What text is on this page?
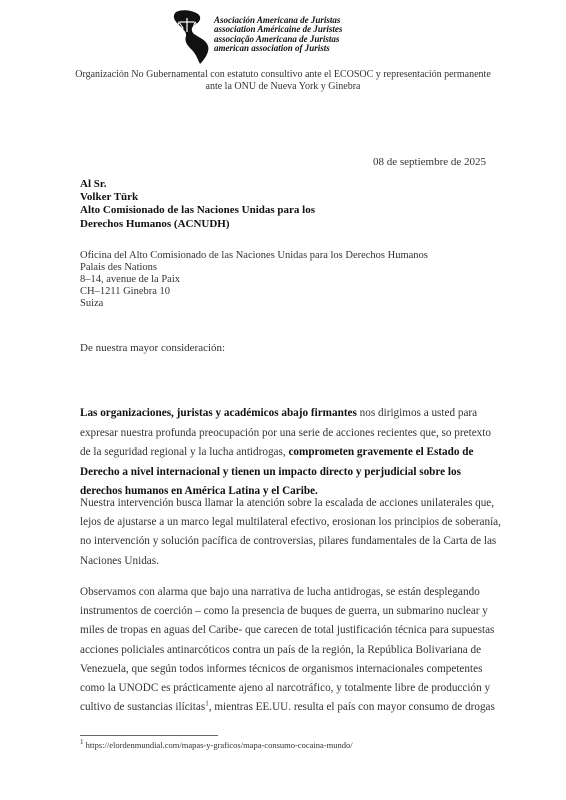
Asociación Americana de Juristas
association Américaine de Juristes
associação Americana de Juristas
american association of Jurists
Organización No Gubernamental con estatuto consultivo ante el ECOSOC y representación permanente
ante la ONU de Nueva York y Ginebra
08 de septiembre de 2025
Al Sr.
Volker Türk
Alto Comisionado de las Naciones Unidas para los
Derechos Humanos (ACNUDH)
Oficina del Alto Comisionado de las Naciones Unidas para los Derechos Humanos
Palais des Nations
8–14, avenue de la Paix
CH–1211 Ginebra 10
Suiza
De nuestra mayor consideración:
Las organizaciones, juristas y académicos abajo firmantes nos dirigimos a usted para
expresar nuestra profunda preocupación por una serie de acciones recientes que, so pretexto
de la seguridad regional y la lucha antidrogas, comprometen gravemente el Estado de
Derecho a nivel internacional y tienen un impacto directo y perjudicial sobre los
derechos humanos en América Latina y el Caribe.
Nuestra intervención busca llamar la atención sobre la escalada de acciones unilaterales que,
lejos de ajustarse a un marco legal multilateral efectivo, erosionan los principios de soberanía,
no intervención y solución pacífica de controversias, pilares fundamentales de la Carta de las
Naciones Unidas.
Observamos con alarma que bajo una narrativa de lucha antidrogas, se están desplegando
instrumentos de coerción – como la presencia de buques de guerra, un submarino nuclear y
miles de tropas en aguas del Caribe- que carecen de total justificación técnica para supuestas
acciones policiales antinarcóticos contra un país de la región, la República Bolivariana de
Venezuela, que según todos informes técnicos de organismos internacionales competentes
como la UNODC es prácticamente ajeno al narcotráfico, y totalmente libre de producción y
cultivo de sustancias ilícitas$^1$, mientras EE.UU. resulta el país con mayor consumo de drogas
$^1$ https://elordenmundial.com/mapas-y-graficos/mapa-consumo-cocaina-mundo/
